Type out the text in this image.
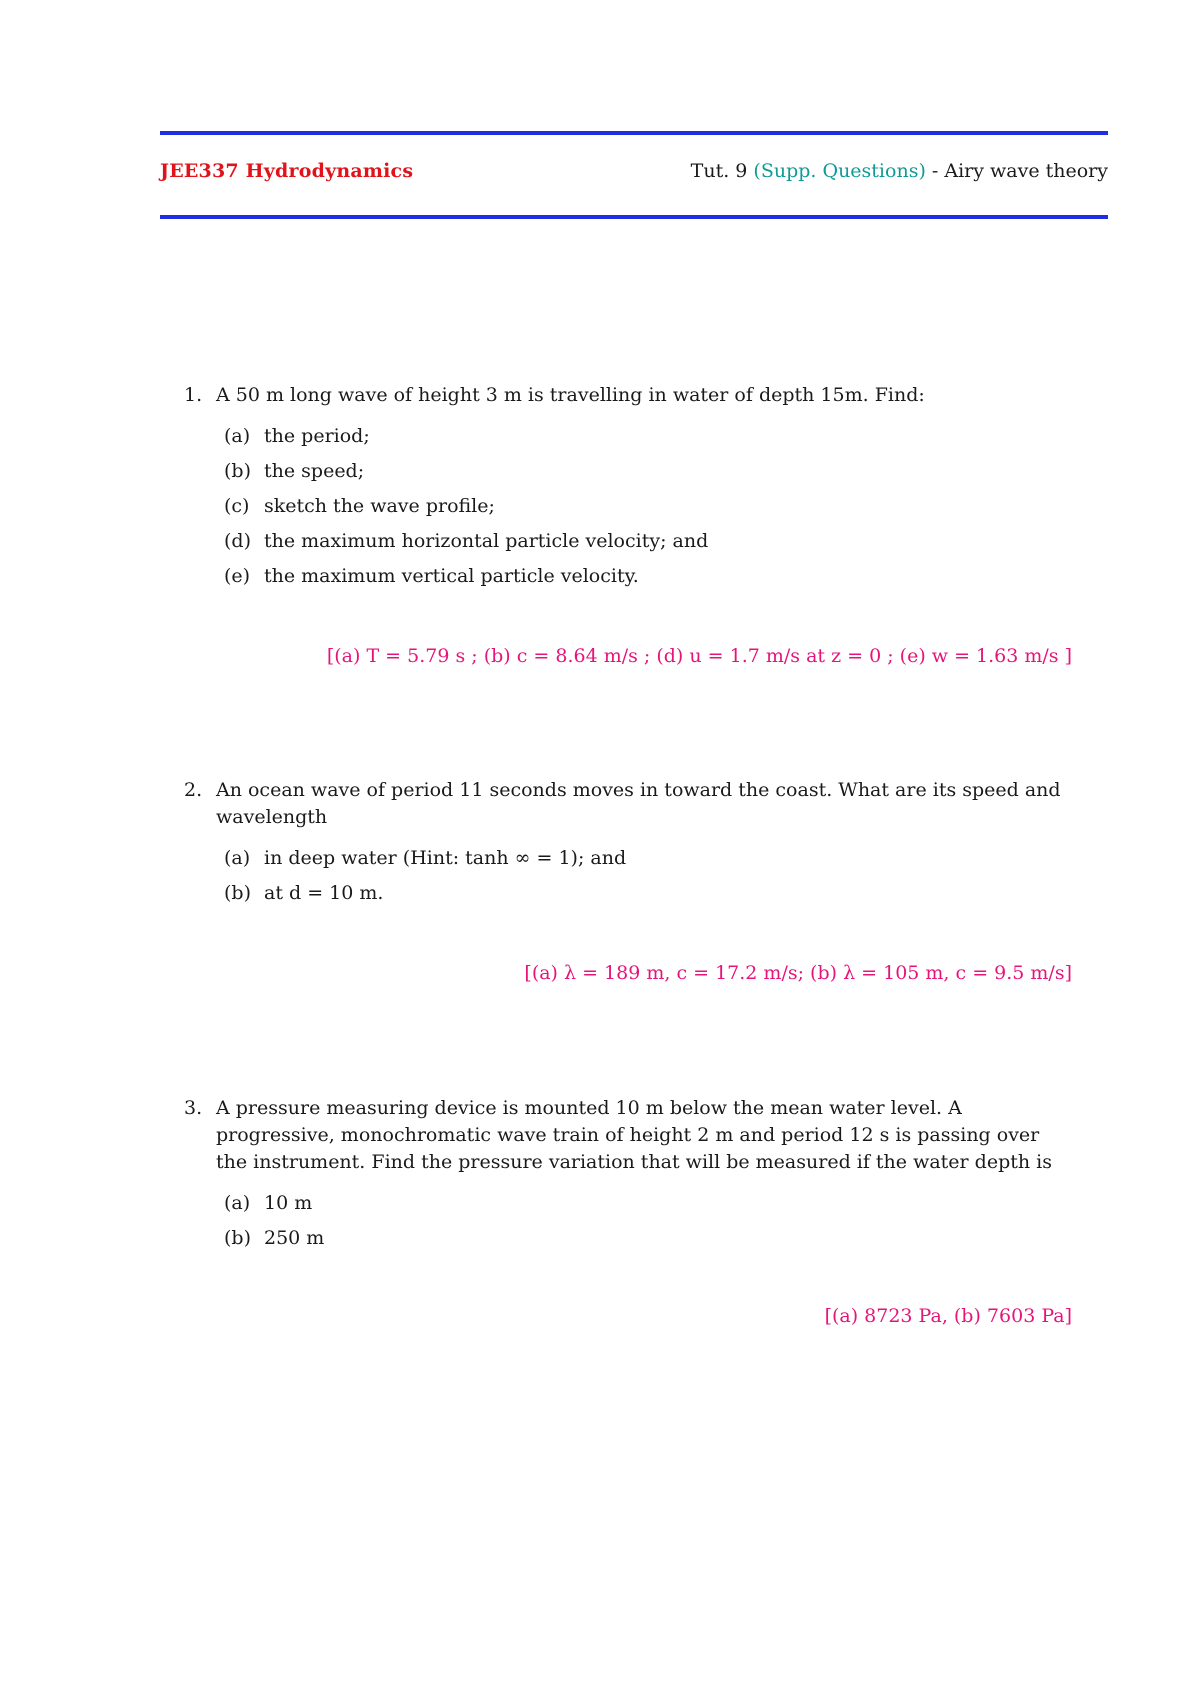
JEE337 Hydrodynamics	Tut. 9 (Supp. Questions) - Airy wave theory
1. A 50 m long wave of height 3 m is travelling in water of depth 15m. Find:
(a) the period;
(b) the speed;
(c) sketch the wave profile;
(d) the maximum horizontal particle velocity; and
(e) the maximum vertical particle velocity.
[(a) T = 5.79 s ; (b) c = 8.64 m/s ; (d) u = 1.7 m/s at z = 0 ; (e) w = 1.63 m/s ]
2. An ocean wave of period 11 seconds moves in toward the coast. What are its speed and wavelength
(a) in deep water (Hint: tanh ∞ = 1); and
(b) at d = 10 m.
[(a) λ = 189 m, c = 17.2 m/s; (b) λ = 105 m, c = 9.5 m/s]
3. A pressure measuring device is mounted 10 m below the mean water level. A progressive, monochromatic wave train of height 2 m and period 12 s is passing over the instrument. Find the pressure variation that will be measured if the water depth is
(a) 10 m
(b) 250 m
[(a) 8723 Pa, (b) 7603 Pa]
